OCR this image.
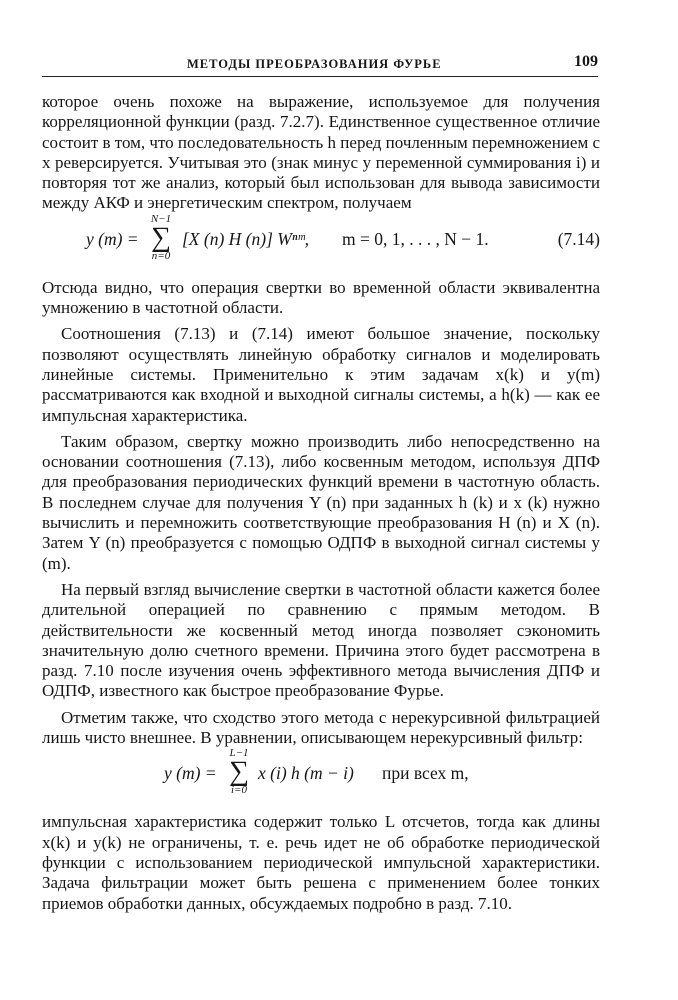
МЕТОДЫ ПРЕОБРАЗОВАНИЯ ФУРЬЕ	109

которое очень похоже на выражение, используемое для получения корреляционной функции (разд. 7.2.7). Единственное существенное отличие состоит в том, что последовательность h перед почленным перемножением с x реверсируется. Учитывая это (знак минус у переменной суммирования i) и повторяя тот же анализ, который был использован для вывода зависимости между АКФ и энергетическим спектром, получаем

y (m) =
N−1
∑
n=0
[X (n) H (n)] Wⁿᵐ, m = 0, 1, . . . , N − 1.	(7.14)

Отсюда видно, что операция свертки во временной области эквивалентна умножению в частотной области.

Соотношения (7.13) и (7.14) имеют большое значение, поскольку позволяют осуществлять линейную обработку сигналов и моделировать линейные системы. Применительно к этим задачам x(k) и y(m) рассматриваются как входной и выходной сигналы системы, а h(k) — как ее импульсная характеристика.

Таким образом, свертку можно производить либо непосредственно на основании соотношения (7.13), либо косвенным методом, используя ДПФ для преобразования периодических функций времени в частотную область. В последнем случае для получения Y (n) при заданных h (k) и x (k) нужно вычислить и перемножить соответствующие преобразования H (n) и X (n). Затем Y (n) преобразуется с помощью ОДПФ в выходной сигнал системы y (m).

На первый взгляд вычисление свертки в частотной области кажется более длительной операцией по сравнению с прямым методом. В действительности же косвенный метод иногда позволяет сэкономить значительную долю счетного времени. Причина этого будет рассмотрена в разд. 7.10 после изучения очень эффективного метода вычисления ДПФ и ОДПФ, известного как быстрое преобразование Фурье.

Отметим также, что сходство этого метода с нерекурсивной фильтрацией лишь чисто внешнее. В уравнении, описывающем нерекурсивный фильтр:

y (m) =
L−1
∑
i=0
x (i) h (m − i) при всех m,

импульсная характеристика содержит только L отсчетов, тогда как длины x(k) и y(k) не ограничены, т. е. речь идет не об обработке периодической функции с использованием периодической импульсной характеристики. Задача фильтрации может быть решена с применением более тонких приемов обработки данных, обсуждаемых подробно в разд. 7.10.
